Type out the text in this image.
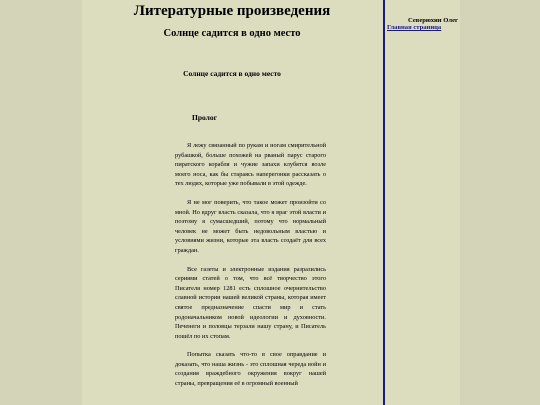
Литературные произведения
Солнце садится в одно место
Солнце садится в одно место
Пролог

Я лежу связанный по рукам и ногам смирительной рубашкой, больше похожей на рваный парус старого пиратского корабля и чужие запахи клубятся возле моего носа, как бы стараясь наперегонки рассказать о тех людях, которые уже побывали в этой одежде.

Я не мог поверить, что такое может произойти со мной. Но вдруг власть сказала, что я враг этой власти и поэтому я сумасшедший, потому что нормальный человек не может быть недовольным властью и условиями жизни, которые эта власть создаёт для всех граждан.

Все газеты и электронные издания разразились сериями статей о том, что всё творчество этого Писателя номер 1281 есть сплошное очернительство славной истории нашей великой страны, которая имеет святое предназначение спасти мир и стать родоначальником новой идеологии и духовности. Печенеги и половцы терзали нашу страну, и Писатель пошёл по их стопам.

Попытка сказать что-то в свое оправдание и доказать, что наша жизнь - это сплошная череда войн и создания враждебного окружения вокруг нашей страны, превращения её в огромный военный

Северюхин Олег
Главная страница
